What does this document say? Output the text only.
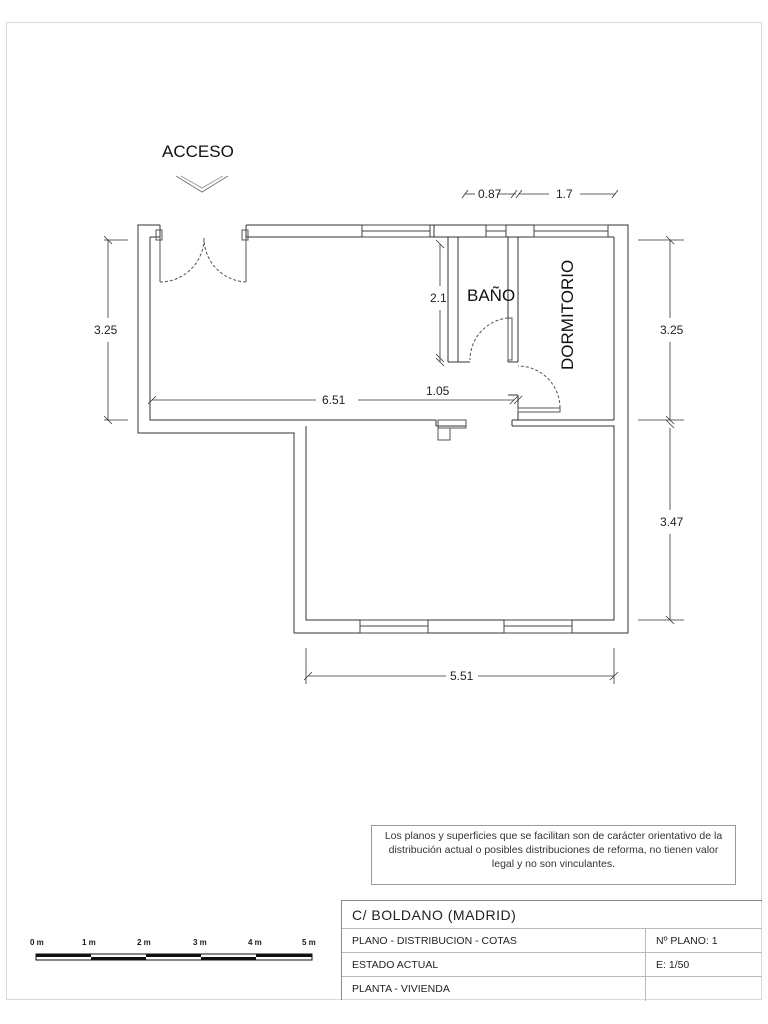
ACCESO
BAÑO	DORMITORIO
0.87	1.7
2.1
3.25	3.25
3.47
6.51
1.05
5.51
0 m	1 m	2 m	3 m	4 m	5 m
Los planos y superficies que se facilitan son de carácter orientativo de la distribución actual o posibles distribuciones de reforma, no tienen valor legal y no son vinculantes.
C/ BOLDANO (MADRID)
PLANO - DISTRIBUCION - COTAS	Nº PLANO: 1
ESTADO ACTUAL	E: 1/50
PLANTA - VIVIENDA
